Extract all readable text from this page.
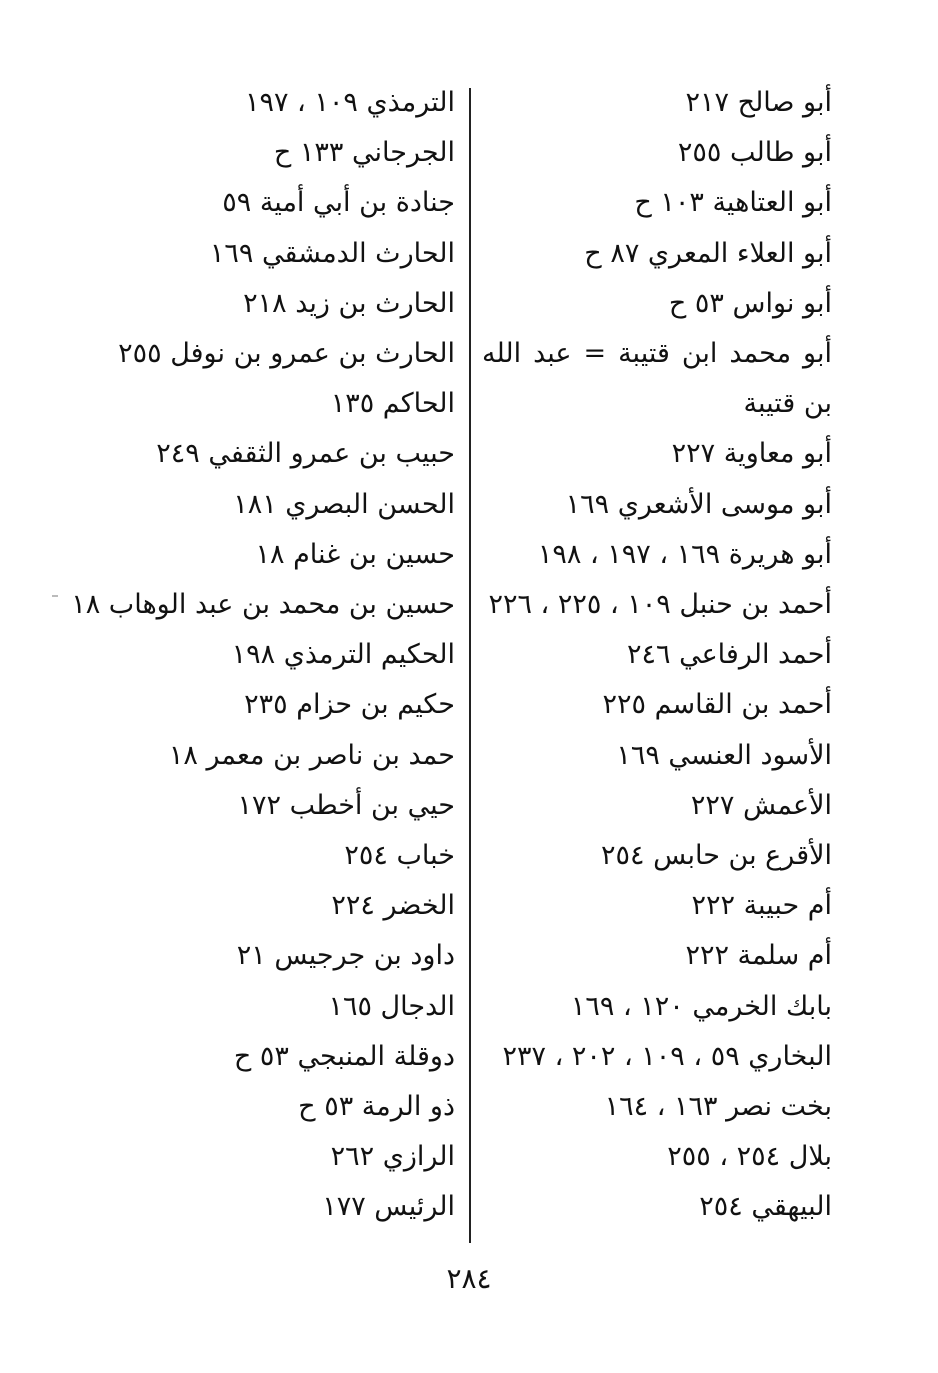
أبو صالح ٢١٧
أبو طالب ٢٥٥
أبو العتاهية ١٠٣ ح
أبو العلاء المعري ٨٧ ح
أبو نواس ٥٣ ح
أبو محمد ابن قتيبة = عبد الله بن قتيبة
أبو معاوية ٢٢٧
أبو موسى الأشعري ١٦٩
أبو هريرة ١٦٩ ، ١٩٧ ، ١٩٨
أحمد بن حنبل ١٠٩ ، ٢٢٥ ، ٢٢٦
أحمد الرفاعي ٢٤٦
أحمد بن القاسم ٢٢٥
الأسود العنسي ١٦٩
الأعمش ٢٢٧
الأقرع بن حابس ٢٥٤
أم حبيبة ٢٢٢
أم سلمة ٢٢٢
بابك الخرمي ١٢٠ ، ١٦٩
البخاري ٥٩ ، ١٠٩ ، ٢٠٢ ، ٢٣٧
بخت نصر ١٦٣ ، ١٦٤
بلال ٢٥٤ ، ٢٥٥
البيهقي ٢٥٤
الترمذي ١٠٩ ، ١٩٧
الجرجاني ١٣٣ ح
جنادة بن أبي أمية ٥٩
الحارث الدمشقي ١٦٩
الحارث بن زيد ٢١٨
الحارث بن عمرو بن نوفل ٢٥٥
الحاكم ١٣٥
حبيب بن عمرو الثقفي ٢٤٩
الحسن البصري ١٨١
حسين بن غنام ١٨
حسين بن محمد بن عبد الوهاب ١٨
الحكيم الترمذي ١٩٨
حكيم بن حزام ٢٣٥
حمد بن ناصر بن معمر ١٨
حيي بن أخطب ١٧٢
خباب ٢٥٤
الخضر ٢٢٤
داود بن جرجيس ٢١
الدجال ١٦٥
دوقلة المنبجي ٥٣ ح
ذو الرمة ٥٣ ح
الرازي ٢٦٢
الرئيس ١٧٧
٢٨٤
